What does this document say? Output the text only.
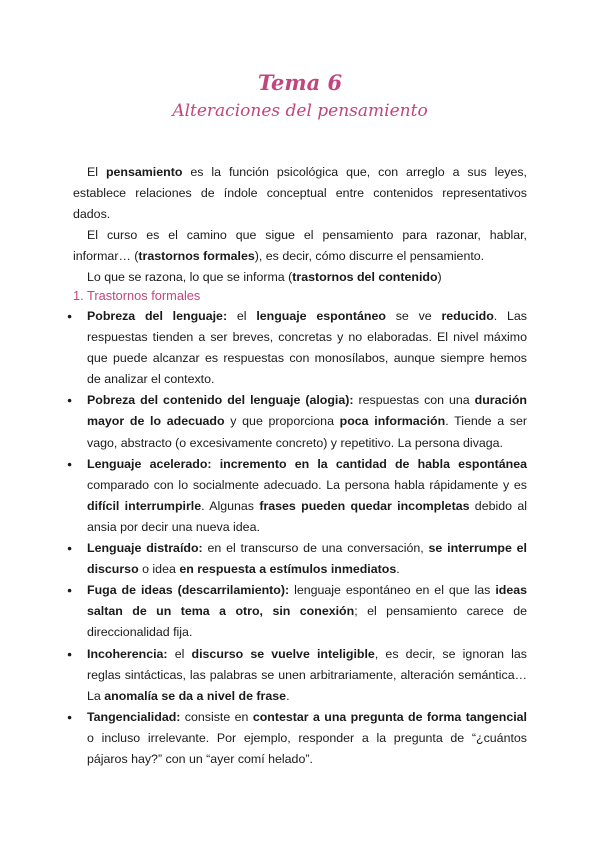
Tema 6
Alteraciones del pensamiento

El pensamiento es la función psicológica que, con arreglo a sus leyes, establece relaciones de índole conceptual entre contenidos representativos dados.

El curso es el camino que sigue el pensamiento para razonar, hablar, informar… (trastornos formales), es decir, cómo discurre el pensamiento.

Lo que se razona, lo que se informa (trastornos del contenido)

1. Trastornos formales
● Pobreza del lenguaje: el lenguaje espontáneo se ve reducido. Las respuestas tienden a ser breves, concretas y no elaboradas. El nivel máximo que puede alcanzar es respuestas con monosílabos, aunque siempre hemos de analizar el contexto.
● Pobreza del contenido del lenguaje (alogia): respuestas con una duración mayor de lo adecuado y que proporciona poca información. Tiende a ser vago, abstracto (o excesivamente concreto) y repetitivo. La persona divaga.
● Lenguaje acelerado: incremento en la cantidad de habla espontánea comparado con lo socialmente adecuado. La persona habla rápidamente y es difícil interrumpirle. Algunas frases pueden quedar incompletas debido al ansia por decir una nueva idea.
● Lenguaje distraído: en el transcurso de una conversación, se interrumpe el discurso o idea en respuesta a estímulos inmediatos.
● Fuga de ideas (descarrilamiento): lenguaje espontáneo en el que las ideas saltan de un tema a otro, sin conexión; el pensamiento carece de direccionalidad fija.
● Incoherencia: el discurso se vuelve inteligible, es decir, se ignoran las reglas sintácticas, las palabras se unen arbitrariamente, alteración semántica… La anomalía se da a nivel de frase.
● Tangencialidad: consiste en contestar a una pregunta de forma tangencial o incluso irrelevante. Por ejemplo, responder a la pregunta de “¿cuántos pájaros hay?” con un “ayer comí helado”.
